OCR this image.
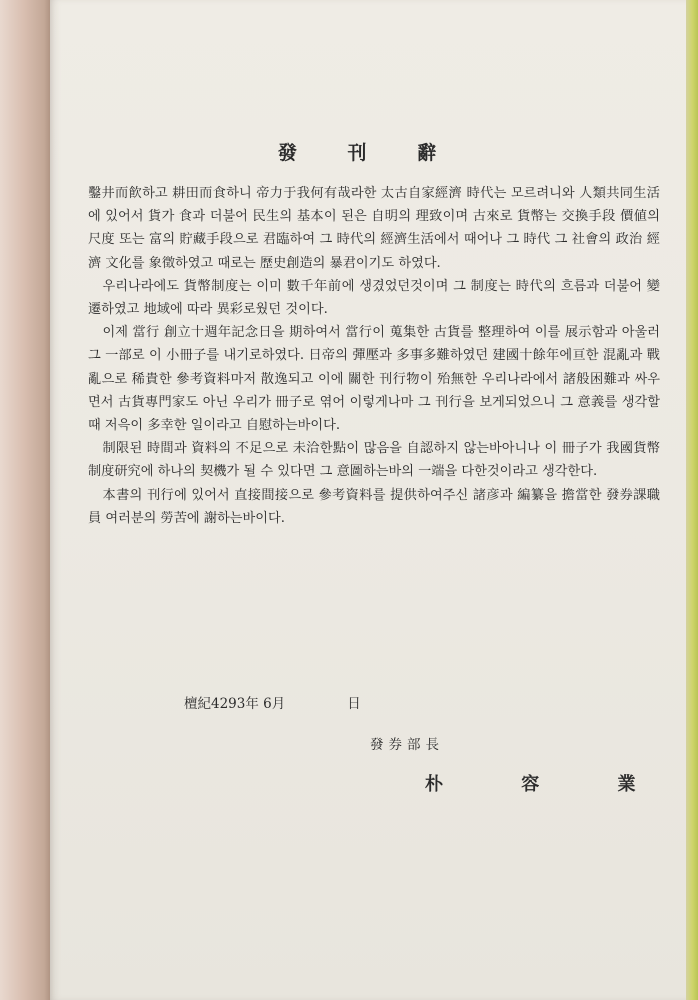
發 刊 辭

鑿井而飮하고 耕田而食하니 帝力于我何有哉라한 太古自家經濟 時代는 모르려니와 人類共同生活에 있어서 貨가 食과 더불어 民生의 基本이 된은 自明의 理致이며 古來로 貨幣는 交換手段 價値의 尺度 또는 富의 貯藏手段으로 君臨하여 그 時代의 經濟生活에서 때어나 그 時代 그 社會의 政治 經濟 文化를 象徵하였고 때로는 歷史創造의 暴君이기도 하였다.

우리나라에도 貨幣制度는 이미 數千年前에 생겼었던것이며 그 制度는 時代의 흐름과 더불어 變遷하였고 地域에 따라 異彩로웠던 것이다.

이제 當行 創立十週年記念日을 期하여서 當行이 蒐集한 古貨를 整理하여 이를 展示함과 아울러 그 一部로 이 小冊子를 내기로하였다. 日帝의 彈壓과 多事多難하였던 建國十餘年에亘한 混亂과 戰亂으로 稀貴한 參考資料마저 散逸되고 이에 關한 刊行物이 殆無한 우리나라에서 諸般困難과 싸우면서 古貨專門家도 아닌 우리가 冊子로 엮어 이렇게나마 그 刊行을 보게되었으니 그 意義를 생각할때 저윽이 多幸한 일이라고 自慰하는바이다.

制限된 時間과 資料의 不足으로 未洽한點이 많음을 自認하지 않는바아니나 이 冊子가 我國貨幣制度研究에 하나의 契機가 될 수 있다면 그 意圖하는바의 一端을 다한것이라고 생각한다.

本書의 刊行에 있어서 直接間接으로 參考資料를 提供하여주신 諸彦과 編纂을 擔當한 發券課職員 여러분의 勞苦에 謝하는바이다.

檀紀4293年 6月	日
發券部長
朴 容 業
